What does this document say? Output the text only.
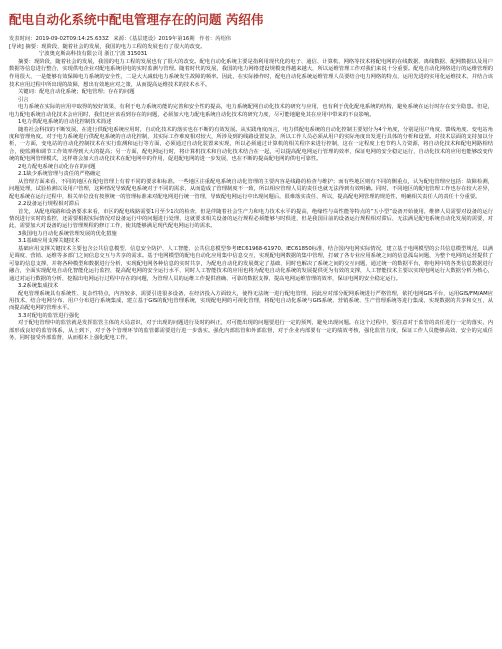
配电自动化系统中配电管理存在的问题 芮绍伟
发表时间：2019-09-02T09:14:25.633Z 来源：《基层建设》2019年第16期 作者：芮绍伟
[导读] 摘要：现阶段，随着社会的发展，我国的电力工程的发展也有了很大的改变。
宁波奥克斯高科技有限公司 浙江宁波 315031
摘要：现阶段，随着社会的发展，我国的电力工程的发展也有了很大的改变。配电自动化系统主要是指利用现代化的电子、通信、计算机、网络等技术将配电网的在线数据、离线数据、配网数据以及用户数据等信息进行整合，实现供电企业对配电系统用电的实时监测与管理。随着时代的发展，我国的电力网络建设规模变得越来越大，所以运维管理工作对我们来说十分重要。配电自动化网络进行的运维管理的作用很大，一是能够有效保障电力系统的安全性，二是大大减低电力系统发生故障的频率。因此，在实际操作时，配电自动化系统运维管理人员要结合电力网络的特点，运用先进的实用化运维技术，并结合该技术应用过程中所出现的故障，想出有效地应对之策，从而提高运维技术的技术水平。
关键词：配电自动化系统；配电管理；存在的问题

引言

电力系统在实际的应用中取得的较好效果，有利于电力系统功能的完善和安全性的提高，电力系统配网自动化技术的研究与应用，也有利于优化配电系统的结构，避免系统在运行时存在安全隐患。但是，电力配电系统自动化技术会应用时，我们还应该看到存在的问题，必须加大电力配电系统自动化技术的研究力度，尽可能地避免其在应用中带来的不良影响。

1电力供配电系统的自动化控制技术简述

随着社会科技的不断发展，在进行供配电系统应用时，自动化技术的落实也在不断的有效发展。从实践角度而言，电力供配电系统的自动化控制主要划分为4个角度，分别是用户角度、馈线角度、变电站角度和管理角度。对于电力系统进行供配电系统的自动化控制，其实际工作难度相对较大，所涉及到的线路设置复杂，所以工作人员必须从用户的实际角度出发进行具体的分析和设置。对技术层面的支持加以分析，一方面，变电站的自动化控制技术在实行监测和运行等方面，必须通过自动化装置来实现，所以必须通过计算机的相关程序来进行控制，这在一定程度上也节约人力资源，将自动化技术和配电网路相结合，使监测和调节工作效率得到大大的提高；另一方面，配电网运行时，将计算机技术和自动化技术结合在一起，可以提高配电网运行管理的效率，保证电网的安全稳定运行，自动化技术的应用也能够改变传统的配电网管理模式，这样将会加大自动化技术在配电网中的作用，促进配电网的进一步发展，也在不断的提高配电网的供电可靠性。

2电力配电系统自动化存在的问题

2.1缺少系统管理与责任的严格确定

从管理方面来看，不同的地区在配电管理上有着不同的要求和标准。一些地区注重配电系统自动化管理的主要内容是线路的检查与维护；而有些地区则有不同的侧重点，认为配电管理应包括：故障检测，问题处理，试验检测以及用户管理，这种情况导致配电系统对于不同的需求，从而造成了管理制度不一致，所以相应管理人员的责任也就无法得到有效明确。同时，不同地区的配电管理工作也存在较大差异，配电系统在运行过程中，相关单位没有按照统一的管理标准来对配电网进行统一管理，导致配电网运行中出现问题后，很难落实责任，所以，提高配电网管理的规范性，明确相关责任人的责任十分重要。

2.2设备运行规程相对滞后

首先，从配电线路和设备要求来看，市区的配电线路需要1月至少1次的检查，但是伴随着社会生产力和电力技术水平的提高，绝缘性与高性能等特点的“五小型”设备开始使用，维修人员需要对设备的运行情况进行实时的监控，还需要根据实际情况对设备运行中的问题进行处理，这就要求相关设备的运行规程必须能够与时俱进，但是我国目前的设备运行规程相对滞后，无法满足配电系统自动化发展的需要，对此，需要加大对设备的运行管理规程的修订工作，使其能够满足现代配电网运行的需求。

3我国电力自动化系统管理发展的优化措施

3.1基础应用支撑关键技术

基础应用支撑关键技术主要包含公共信息模型、信息安全防护、人工智能、公共信息模型参考IEC61968-61970、IEC61850标准，结合国内电网实际情况，建立基于电网模型的公共信息模型规范，以满足调度、营销、运维等多部门之间信息交互与共享的需求。基于电网模型的配电自动化应用集中信息交互，实现配电网数据的集中管理，打破了各专业应用系统之间的信息孤岛问题，为整个电网的运营提供了可靠的信息支撑，并将各种模型和数据进行分析，实现配电网各种信息的实时共享，为配电自动化的发展奠定了基础，同时也解决了系统之间的交互问题，通过统一的数据平台，将电网中的各类信息数据进行融合，全面实现配电自动化智能化运行监控，提高配电网的安全运行水平，同时人工智能技术的应用也将为配电自动化系统的发展提供更为有效的支撑，人工智能技术主要以实现电网运行大数据分析为核心，通过对运行数据的分析，挖掘出电网运行过程中存在的问题，为管理人员的运维工作提供准确、可靠的数据支撑，提高电网运维管理的效率，保证电网的安全稳定运行。

3.2系统集成技术

配电管理系统具有系统性、复杂性特点，内容较多，需要引进很多设备，在经济投入方面较大，使得无法统一进行配电管理，因此应对部分配网系统进行严格管理，依托电网GIS平台，运用GIS/FM/AM应用技术，结合电网分布、用户分布进行系统集成，建立基于GIS的配电管理系统，实现配电网的可视化管理，将配电自动化系统与GIS系统、营销系统、生产管理系统等进行集成，实现数据的共享和交互，从而提高配电网的管理水平。

3.3对配电的监管进行强化

对于配电管理中的监管就是发挥监管主体的大局意识，对于出现的问题进行及时的纠正，对可能出现的问题要进行一定的预判，避免出现问题。在这个过程中，要注意对于监管的责任进行一定的落实，内部形成良好的监管体系，从上到下，对于各个管理环节的监管都需要进行进一步落实。强化内部监管和外部监督，对于企业内部要有一定的绩效考核，强化监管力度，保证工作人员能够高效、安全的完成任务，同时接受外部监督，从而根本上强化配电工作。
